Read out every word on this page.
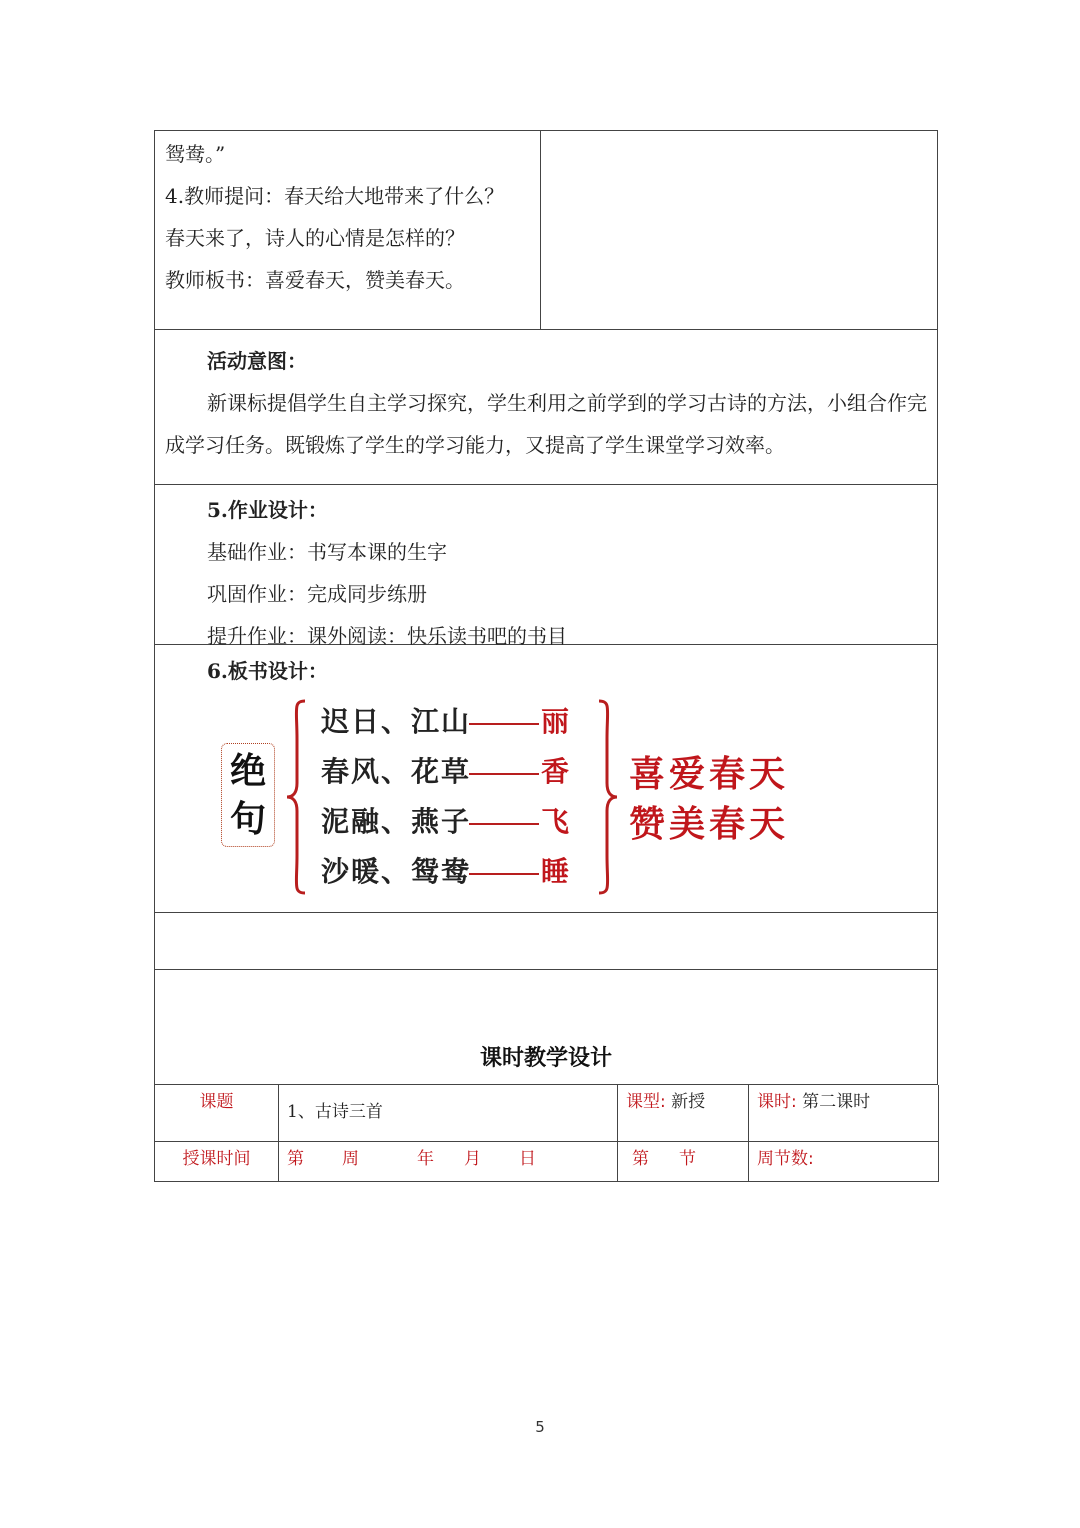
鸳鸯。”
4.教师提问：春天给大地带来了什么？
春天来了，诗人的心情是怎样的？
教师板书：喜爱春天，赞美春天。
活动意图：
新课标提倡学生自主学习探究，学生利用之前学到的学习古诗的方法，小组合作完成学习任务。既锻炼了学生的学习能力，又提高了学生课堂学习效率。
5.作业设计：
基础作业：书写本课的生字
巩固作业：完成同步练册
提升作业：课外阅读：快乐读书吧的书目
6.板书设计：
绝
句
迟日、江山	丽
春风、花草	香
泥融、燕子	飞
沙暖、鸳鸯	睡
喜爱春天
赞美春天
课时教学设计
课题	1、古诗三首	课型: 新授	课时: 第二课时
授课时间	第 周 年 月 日	第 节	周节数:
5
